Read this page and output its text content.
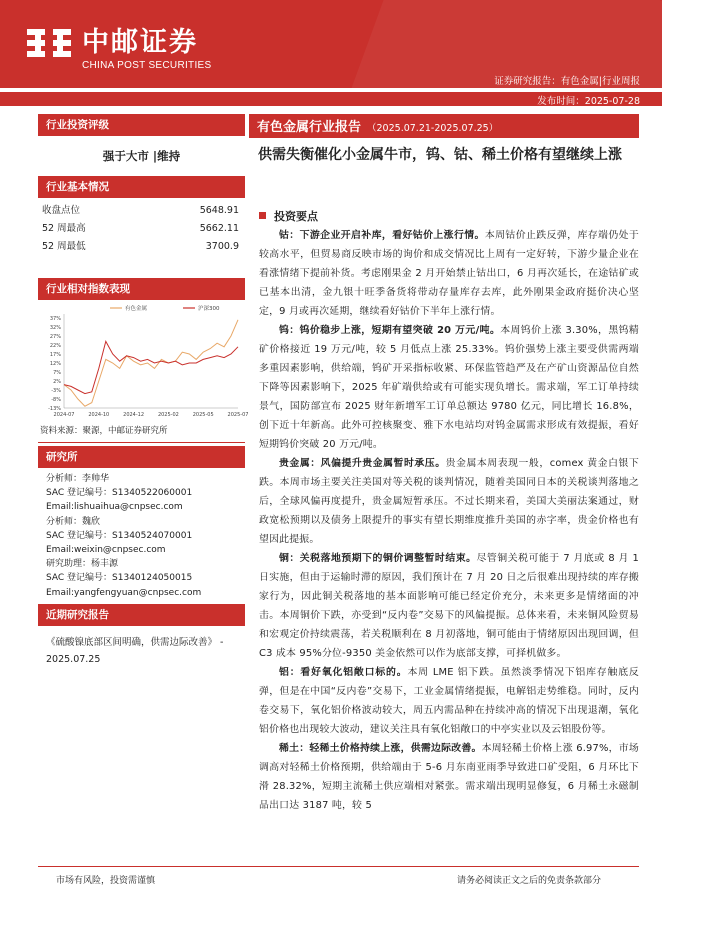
中邮证券
CHINA POST SECURITIES
证券研究报告：有色金属|行业周报
发布时间：2025-07-28
行业投资评级
强于大市 |维持
行业基本情况
收盘点位	5648.91
52 周最高	5662.11
52 周最低	3700.9
行业相对指数表现
37%
32%
27%
22%
17%
12%
7%
2%
-3%
-8%
-13%
2024-07	2024-10	2024-12	2025-02	2025-05	2025-07
有色金属	沪深300
资料来源：聚源，中邮证券研究所
研究所
分析师：李帅华
SAC 登记编号：S1340522060001
Email:lishuaihua@cnpsec.com
分析师：魏欣
SAC 登记编号：S1340524070001
Email:weixin@cnpsec.com
研究助理：杨丰源
SAC 登记编号：S1340124050015
Email:yangfengyuan@cnpsec.com
近期研究报告
《硫酸镍底部区间明确，供需边际改善》 - 2025.07.25
有色金属行业报告 （2025.07.21-2025.07.25）
供需失衡催化小金属牛市，钨、钴、稀土价格有望继续上涨
投资要点

钴：下游企业开启补库，看好钴价上涨行情。本周钴价止跌反弹，库存端仍处于较高水平，但贸易商反映市场的询价和成交情况比上周有一定好转，下游少量企业在看涨情绪下提前补货。考虑刚果金 2 月开始禁止钴出口，6 月再次延长，在途钴矿或已基本出清，金九银十旺季备货将带动存量库存去库，此外刚果金政府挺价决心坚定，9 月或再次延期，继续看好钴价下半年上涨行情。

钨：钨价稳步上涨，短期有望突破 20 万元/吨。本周钨价上涨 3.30%，黑钨精矿价格接近 19 万元/吨，较 5 月低点上涨 25.33%。钨价强势上涨主要受供需两端多重因素影响，供给端，钨矿开采指标收紧、环保监管趋严及在产矿山资源品位自然下降等因素影响下，2025 年矿端供给或有可能实现负增长。需求端，军工订单持续景气，国防部宣布 2025 财年新增军工订单总额达 9780 亿元，同比增长 16.8%，创下近十年新高。此外可控核聚变、雅下水电站均对钨金属需求形成有效提振，看好短期钨价突破 20 万元/吨。

贵金属：风偏提升贵金属暂时承压。贵金属本周表现一般，comex 黄金白银下跌。本周市场主要关注美国对等关税的谈判情况，随着美国同日本的关税谈判落地之后，全球风偏再度提升，贵金属短暂承压。不过长期来看，美国大美丽法案通过，财政宽松预期以及债务上限提升的事实有望长期维度推升美国的赤字率，贵金价格也有望因此提振。

铜：关税落地预期下的铜价调整暂时结束。尽管铜关税可能于 7 月底或 8 月 1 日实施，但由于运输时滞的原因，我们预计在 7 月 20 日之后很难出现持续的库存搬家行为，因此铜关税落地的基本面影响可能已经定价充分，未来更多是情绪面的冲击。本周铜价下跌，亦受到“反内卷”交易下的风偏提振。总体来看，未来铜风险贸易和宏观定价持续震荡，若关税顺利在 8 月初落地，铜可能由于情绪原因出现回调，但 C3 成本 95%分位-9350 美金依然可以作为底部支撑，可择机做多。

铝：看好氧化铝敞口标的。本周 LME 铝下跌。虽然淡季情况下铝库存触底反弹，但是在中国“反内卷”交易下，工业金属情绪提振，电解铝走势维稳。同时，反内卷交易下，氧化铝价格波动较大，周五内需品种在持续冲高的情况下出现退潮，氧化铝价格也出现较大波动，建议关注具有氧化铝敞口的中亭实业以及云铝股份等。

稀土：轻稀土价格持续上涨，供需边际改善。本周轻稀土价格上涨 6.97%，市场调高对轻稀土价格预期，供给端由于 5-6 月东南亚雨季导致进口矿受阻，6 月环比下滑 28.32%，短期主流稀土供应端相对紧张。需求端出现明显修复，6 月稀土永磁制品出口达 3187 吨，较 5

市场有风险，投资需谨慎	请务必阅读正文之后的免责条款部分
